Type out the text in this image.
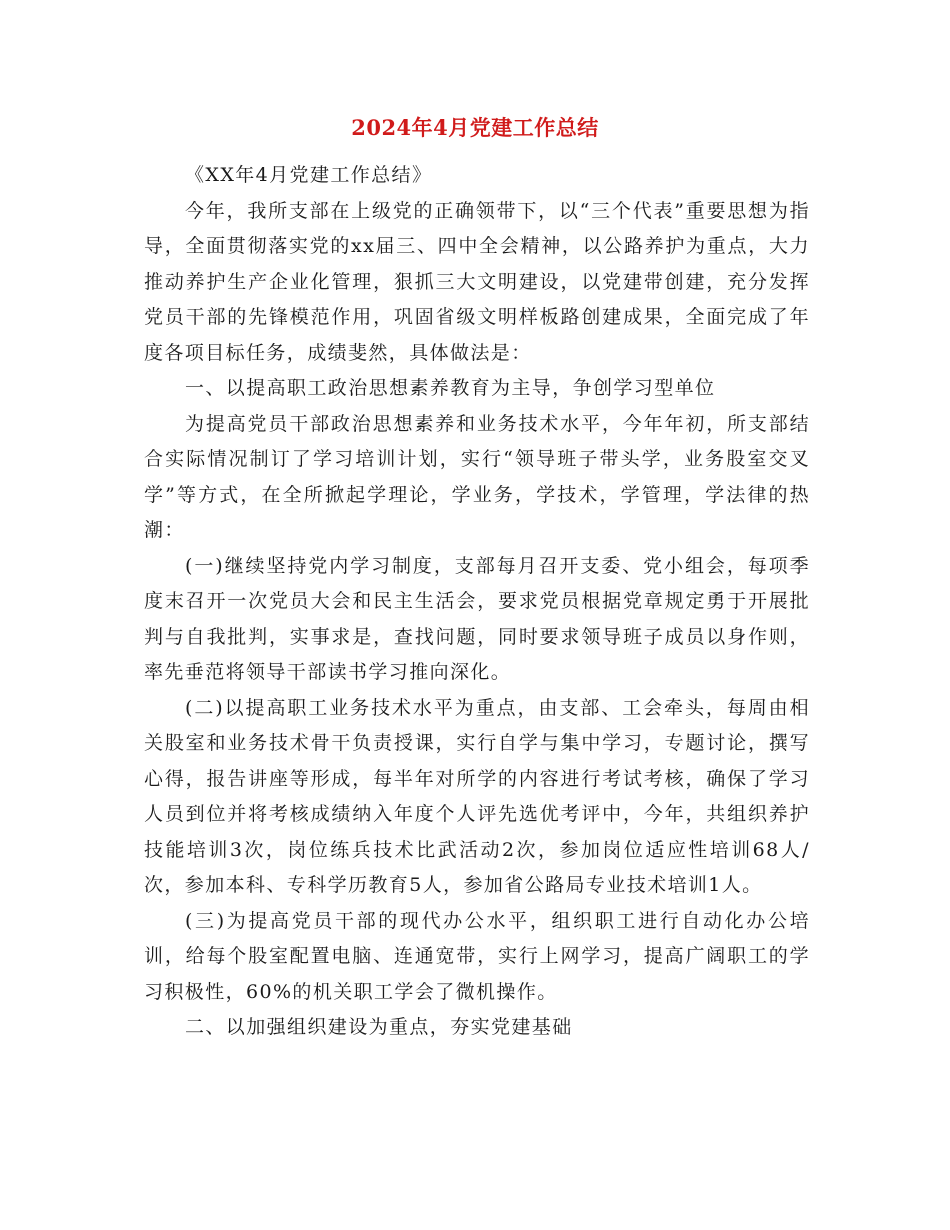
2024年4月党建工作总结

《XX年4月党建工作总结》

今年，我所支部在上级党的正确领带下，以“三个代表”重要思想为指导，全面贯彻落实党的xx届三、四中全会精神，以公路养护为重点，大力推动养护生产企业化管理，狠抓三大文明建设，以党建带创建，充分发挥党员干部的先锋模范作用，巩固省级文明样板路创建成果，全面完成了年度各项目标任务，成绩斐然，具体做法是：

一、以提高职工政治思想素养教育为主导，争创学习型单位

为提高党员干部政治思想素养和业务技术水平，今年年初，所支部结合实际情况制订了学习培训计划，实行“领导班子带头学，业务股室交叉学”等方式，在全所掀起学理论，学业务，学技术，学管理，学法律的热潮：

(一)继续坚持党内学习制度，支部每月召开支委、党小组会，每项季度末召开一次党员大会和民主生活会，要求党员根据党章规定勇于开展批判与自我批判，实事求是，查找问题，同时要求领导班子成员以身作则，率先垂范将领导干部读书学习推向深化。

(二)以提高职工业务技术水平为重点，由支部、工会牵头，每周由相关股室和业务技术骨干负责授课，实行自学与集中学习，专题讨论，撰写心得，报告讲座等形成，每半年对所学的内容进行考试考核，确保了学习人员到位并将考核成绩纳入年度个人评先选优考评中，今年，共组织养护技能培训3次，岗位练兵技术比武活动2次，参加岗位适应性培训68人/次，参加本科、专科学历教育5人，参加省公路局专业技术培训1人。

(三)为提高党员干部的现代办公水平，组织职工进行自动化办公培训，给每个股室配置电脑、连通宽带，实行上网学习，提高广阔职工的学习积极性，60%的机关职工学会了微机操作。

二、以加强组织建设为重点，夯实党建基础
